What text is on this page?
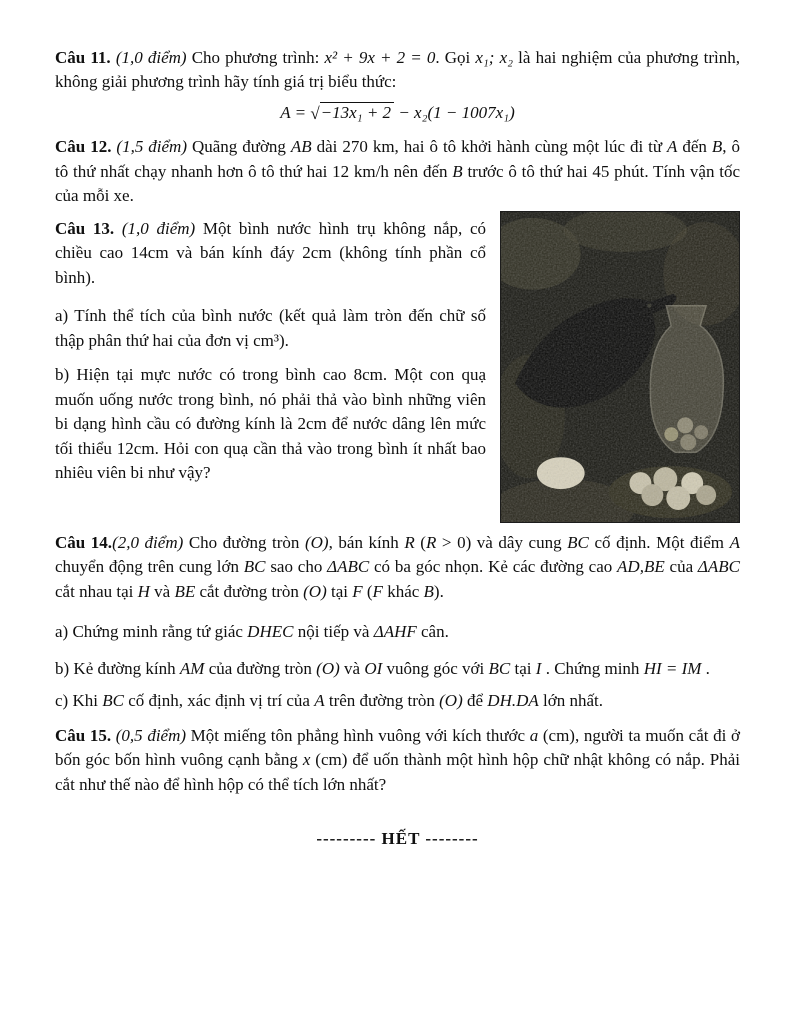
Câu 11. (1,0 điểm) Cho phương trình: x² + 9x + 2 = 0. Gọi x₁; x₂ là hai nghiệm của phương trình, không giải phương trình hãy tính giá trị biểu thức:

A = √−13x₁ + 2 − x₂(1 − 1007x₁)

Câu 12. (1,5 điểm) Quãng đường AB dài 270 km, hai ô tô khởi hành cùng một lúc đi từ A đến B, ô tô thứ nhất chạy nhanh hơn ô tô thứ hai 12 km/h nên đến B trước ô tô thứ hai 45 phút. Tính vận tốc của mỗi xe.

Câu 13. (1,0 điểm) Một bình nước hình trụ không nắp, có chiều cao 14cm và bán kính đáy 2cm (không tính phần cổ bình).

a) Tính thể tích của bình nước (kết quả làm tròn đến chữ số thập phân thứ hai của đơn vị cm³).

b) Hiện tại mực nước có trong bình cao 8cm. Một con quạ muốn uống nước trong bình, nó phải thả vào bình những viên bi dạng hình cầu có đường kính là 2cm để nước dâng lên mức tối thiểu 12cm. Hỏi con quạ cần thả vào trong bình ít nhất bao nhiêu viên bi như vậy?

Câu 14.(2,0 điểm) Cho đường tròn (O), bán kính R (R > 0) và dây cung BC cố định. Một điểm A chuyển động trên cung lớn BC sao cho ΔABC có ba góc nhọn. Kẻ các đường cao AD,BE của ΔABC cắt nhau tại H và BE cắt đường tròn (O) tại F (F khác B).

a) Chứng minh rằng tứ giác DHEC nội tiếp và ΔAHF cân.

b) Kẻ đường kính AM của đường tròn (O) và OI vuông góc với BC tại I . Chứng minh HI = IM .

c) Khi BC cố định, xác định vị trí của A trên đường tròn (O) để DH.DA lớn nhất.

Câu 15. (0,5 điểm) Một miếng tôn phẳng hình vuông với kích thước a (cm), người ta muốn cắt đi ở bốn góc bốn hình vuông cạnh bằng x (cm) để uốn thành một hình hộp chữ nhật không có nắp. Phải cắt như thế nào để hình hộp có thể tích lớn nhất?

--------- HẾT --------
